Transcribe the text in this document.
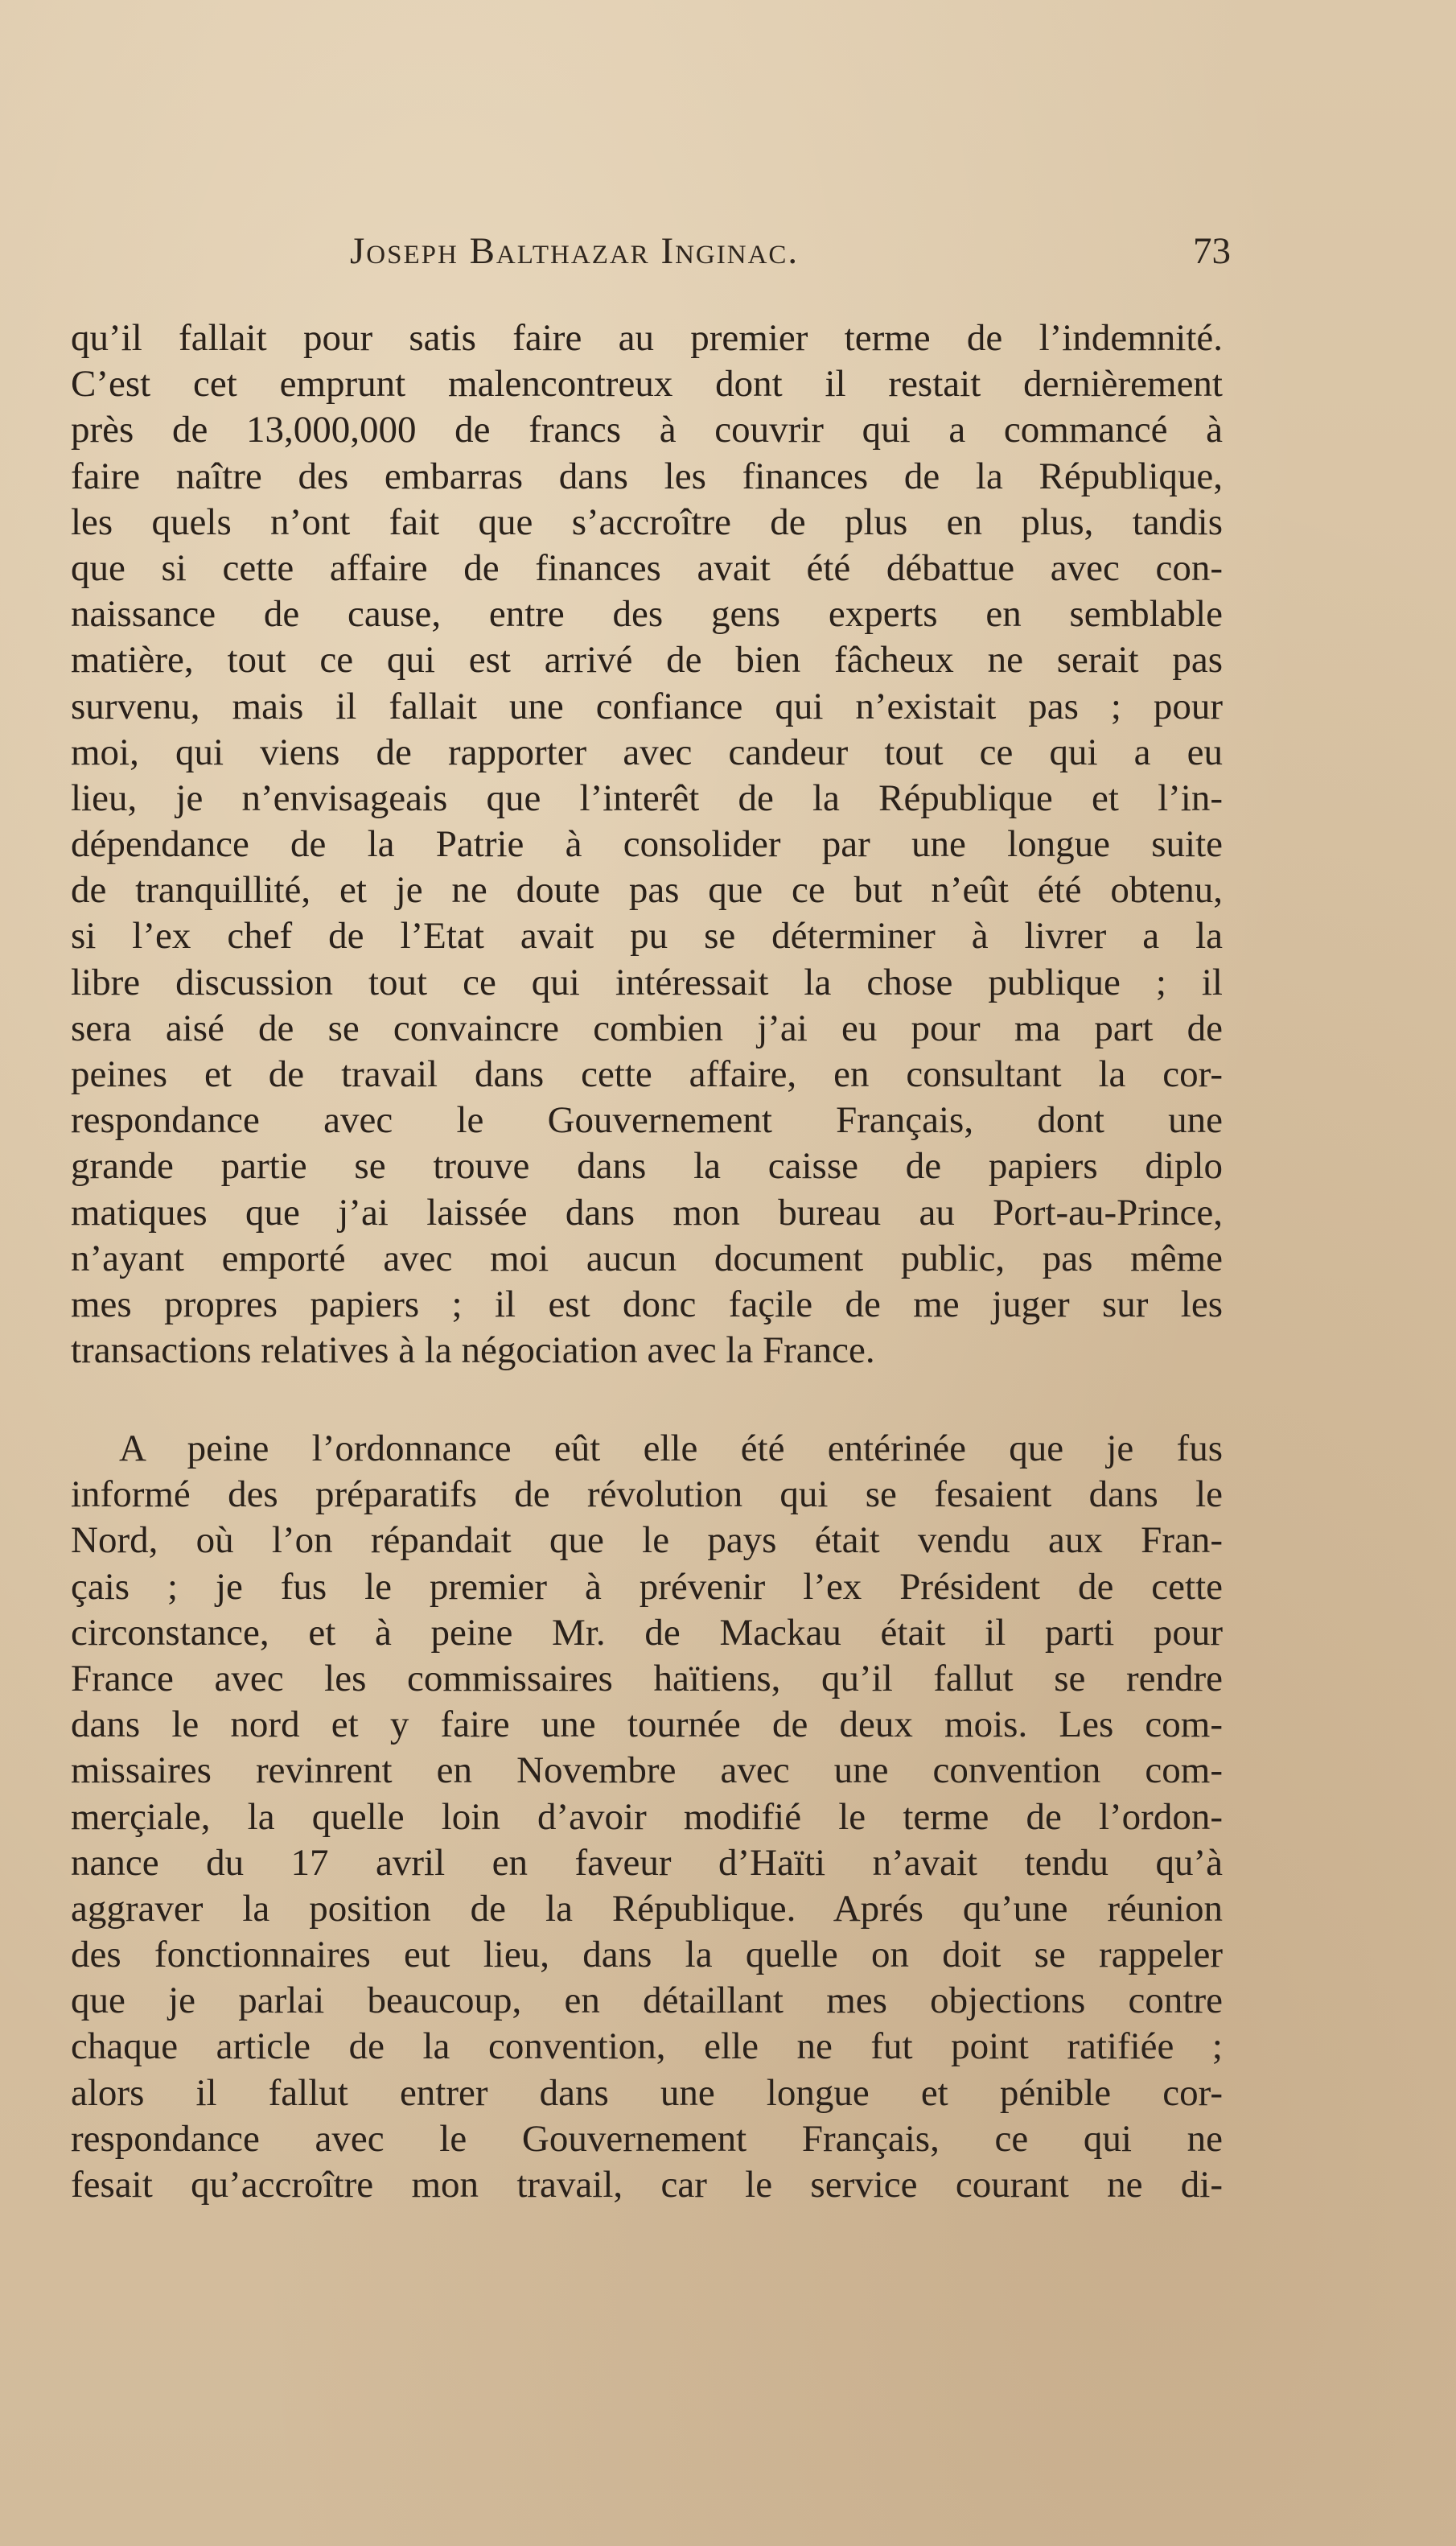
Joseph Balthazar Inginac.	73
qu’il fallait pour satis faire au premier terme de l’indemnité.
C’est cet emprunt malencontreux dont il restait dernièrement
près de 13,000,000 de francs à couvrir qui a commancé à
faire naître des embarras dans les finances de la République,
les quels n’ont fait que s’accroître de plus en plus, tandis
que si cette affaire de finances avait été débattue avec con-
naissance de cause, entre des gens experts en semblable
matière, tout ce qui est arrivé de bien fâcheux ne serait pas
survenu, mais il fallait une confiance qui n’existait pas ; pour
moi, qui viens de rapporter avec candeur tout ce qui a eu
lieu, je n’envisageais que l’interêt de la République et l’in-
dépendance de la Patrie à consolider par une longue suite
de tranquillité, et je ne doute pas que ce but n’eût été obtenu,
si l’ex chef de l’Etat avait pu se déterminer à livrer a la
libre discussion tout ce qui intéressait la chose publique ; il
sera aisé de se convaincre combien j’ai eu pour ma part de
peines et de travail dans cette affaire, en consultant la cor-
respondance avec le Gouvernement Français, dont une
grande partie se trouve dans la caisse de papiers diplo
matiques que j’ai laissée dans mon bureau au Port-au-Prince,
n’ayant emporté avec moi aucun document public, pas même
mes propres papiers ; il est donc façile de me juger sur les
transactions relatives à la négociation avec la France.
A peine l’ordonnance eût elle été entérinée que je fus
informé des préparatifs de révolution qui se fesaient dans le
Nord, où l’on répandait que le pays était vendu aux Fran-
çais ; je fus le premier à prévenir l’ex Président de cette
circonstance, et à peine Mr. de Mackau était il parti pour
France avec les commissaires haïtiens, qu’il fallut se rendre
dans le nord et y faire une tournée de deux mois. Les com-
missaires revinrent en Novembre avec une convention com-
merçiale, la quelle loin d’avoir modifié le terme de l’ordon-
nance du 17 avril en faveur d’Haïti n’avait tendu qu’à
aggraver la position de la République. Aprés qu’une réunion
des fonctionnaires eut lieu, dans la quelle on doit se rappeler
que je parlai beaucoup, en détaillant mes objections contre
chaque article de la convention, elle ne fut point ratifiée ;
alors il fallut entrer dans une longue et pénible cor-
respondance avec le Gouvernement Français, ce qui ne
fesait qu’accroître mon travail, car le service courant ne di-
